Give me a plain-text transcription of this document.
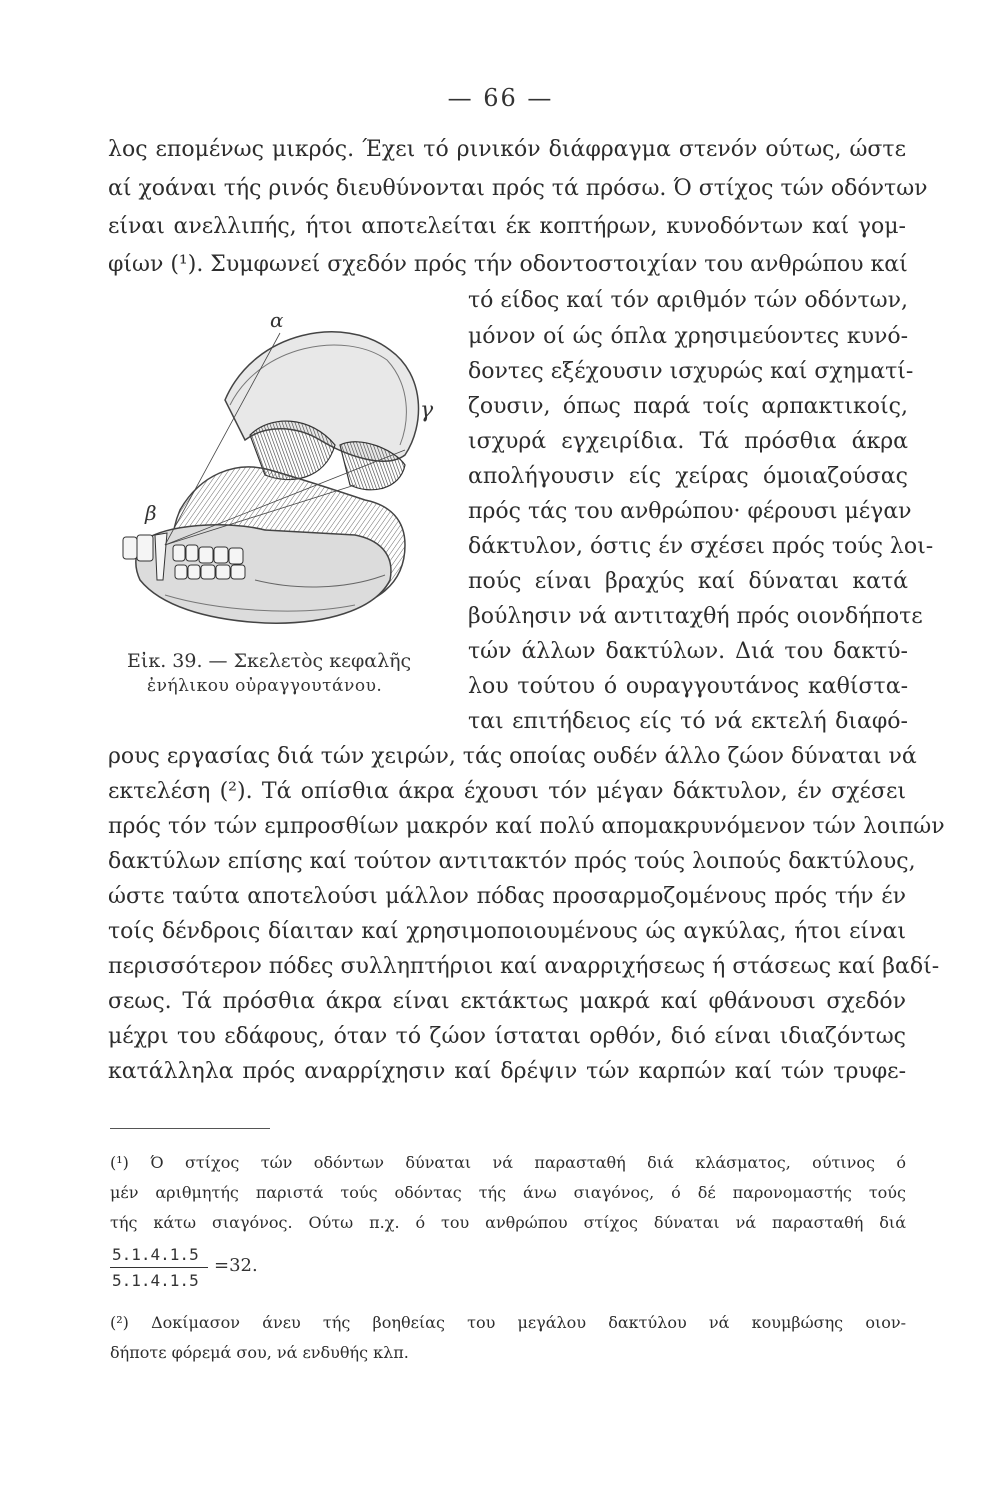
— 66 —
λος επομένως μικρός. Έχει τό ρινικόν διάφραγμα στενόν ούτως, ώστε
αί χοάναι τής ρινός διευθύνονται πρός τά πρόσω. Ό στίχος τών οδόντων
είναι ανελλιπής, ήτοι αποτελείται έκ κοπτήρων, κυνοδόντων καί γομ-
φίων (¹). Συμφωνεί σχεδόν πρός τήν οδοντοστοιχίαν του ανθρώπου καί
τό είδος καί τόν αριθμόν τών οδόντων,
μόνον οί ώς όπλα χρησιμεύοντες κυνό-
δοντες εξέχουσιν ισχυρώς καί σχηματί-
ζουσιν, όπως παρά τοίς αρπακτικοίς,
ισχυρά εγχειρίδια. Τά πρόσθια άκρα
απολήγουσιν είς χείρας όμοιαζούσας
πρός τάς του ανθρώπου· φέρουσι μέγαν
δάκτυλον, όστις έν σχέσει πρός τούς λοι-
πούς είναι βραχύς καί δύναται κατά
βούλησιν νά αντιταχθή πρός οιονδήποτε
τών άλλων δακτύλων. Διά του δακτύ-
λου τούτου ό ουραγγουτάνος καθίστα-
ται επιτήδειος είς τό νά εκτελή διαφό-
ρους εργασίας διά τών χειρών, τάς οποίας ουδέν άλλο ζώον δύναται νά
εκτελέση (²). Τά οπίσθια άκρα έχουσι τόν μέγαν δάκτυλον, έν σχέσει
πρός τόν τών εμπροσθίων μακρόν καί πολύ απομακρυνόμενον τών λοιπών
δακτύλων επίσης καί τούτον αντιτακτόν πρός τούς λοιπούς δακτύλους,
ώστε ταύτα αποτελούσι μάλλον πόδας προσαρμοζομένους πρός τήν έν
τοίς δένδροις δίαιταν καί χρησιμοποιουμένους ώς αγκύλας, ήτοι είναι
περισσότερον πόδες συλληπτήριοι καί αναρριχήσεως ή στάσεως καί βαδί-
σεως. Τά πρόσθια άκρα είναι εκτάκτως μακρά καί φθάνουσι σχεδόν
μέχρι του εδάφους, όταν τό ζώον ίσταται ορθόν, διό είναι ιδιαζόντως
κατάλληλα πρός αναρρίχησιν καί δρέψιν τών καρπών καί τών τρυφε-
α
β
γ
Εἰκ. 39. — Σκελετὸς κεφαλῆς
ἐνήλικου οὐραγγουτάνου.
(¹) Ό στίχος τών οδόντων δύναται νά παρασταθή διά κλάσματος, ούτινος ό
μέν αριθμητής παριστά τούς οδόντας τής άνω σιαγόνος, ό δέ παρονομαστής τούς
τής κάτω σιαγόνος. Ούτω π.χ. ό του ανθρώπου στίχος δύναται νά παρασταθή διά
5.1.4.1.5
5.1.4.1.5
=32.
(²) Δοκίμασον άνευ τής βοηθείας του μεγάλου δακτύλου νά κουμβώσης οιον-
δήποτε φόρεμά σου, νά ενδυθής κλπ.
